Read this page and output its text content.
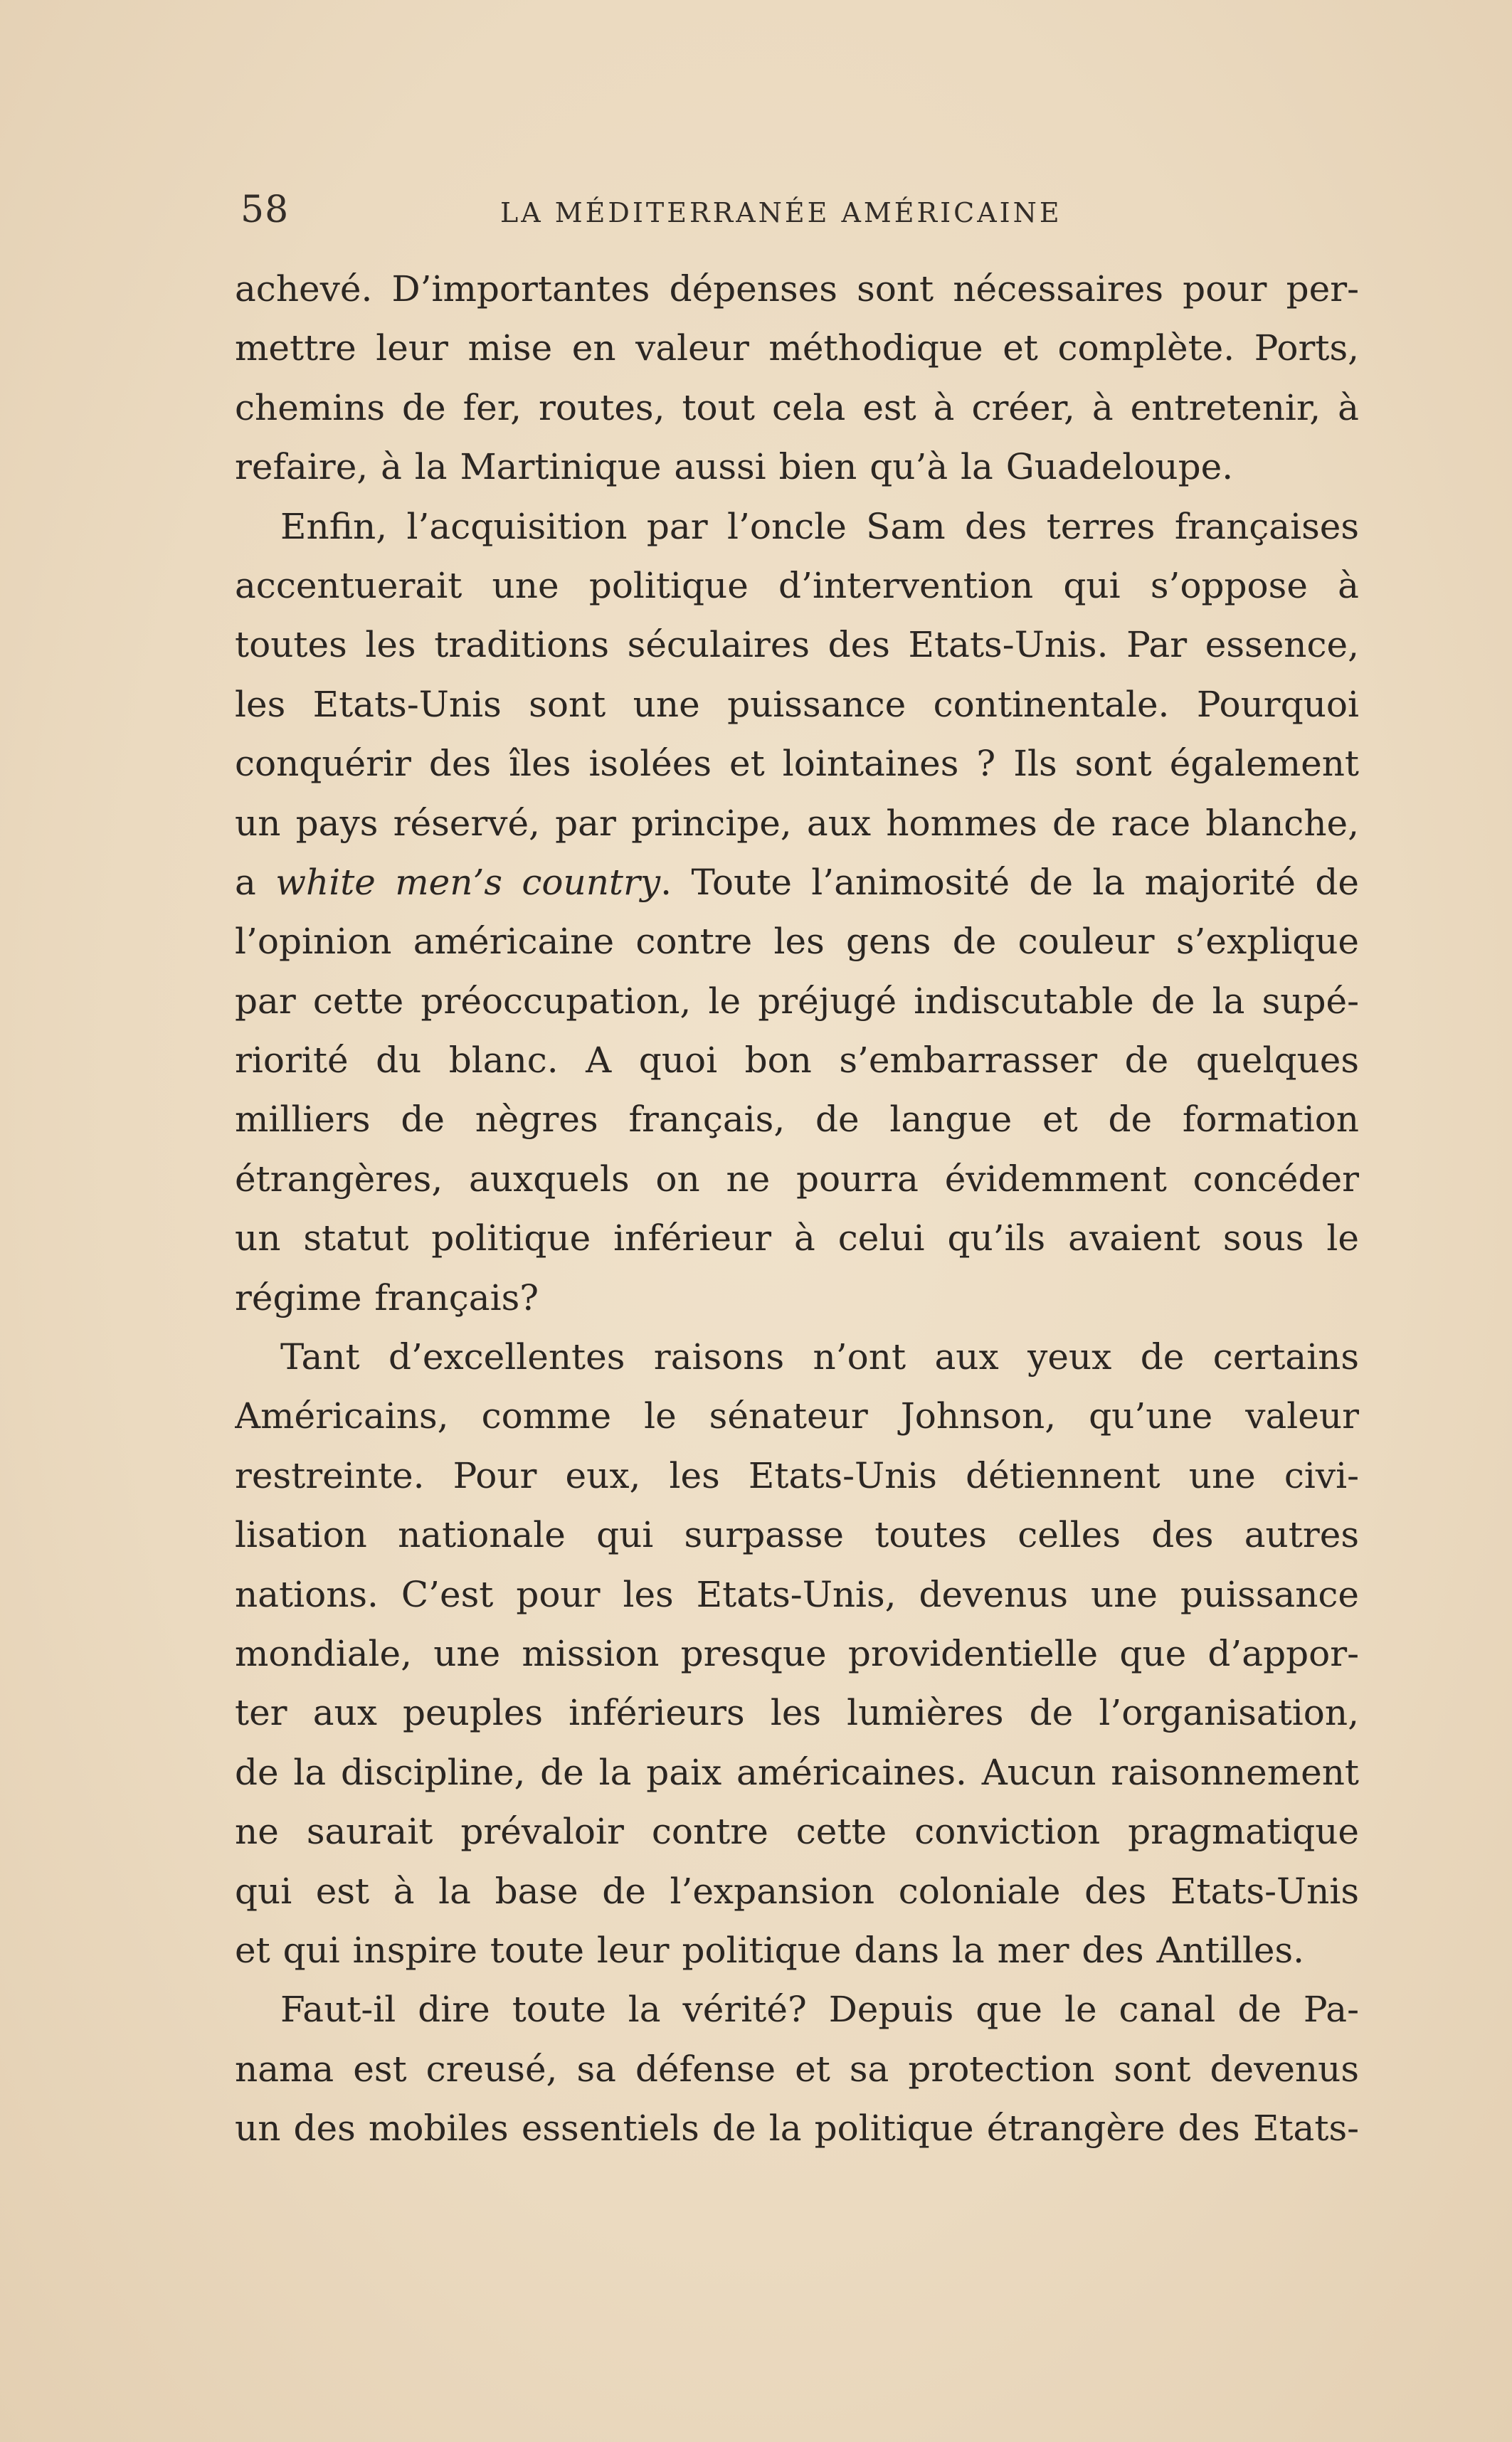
58	LA MÉDITERRANÉE AMÉRICAINE
achevé. D’importantes dépenses sont nécessaires pour per-
mettre leur mise en valeur méthodique et complète. Ports,
chemins de fer, routes, tout cela est à créer, à entretenir, à
refaire, à la Martinique aussi bien qu’à la Guadeloupe.
Enfin, l’acquisition par l’oncle Sam des terres françaises
accentuerait une politique d’intervention qui s’oppose à
toutes les traditions séculaires des Etats-Unis. Par essence,
les Etats-Unis sont une puissance continentale. Pourquoi
conquérir des îles isolées et lointaines ? Ils sont également
un pays réservé, par principe, aux hommes de race blanche,
a white men’s country. Toute l’animosité de la majorité de
l’opinion américaine contre les gens de couleur s’explique
par cette préoccupation, le préjugé indiscutable de la supé-
riorité du blanc. A quoi bon s’embarrasser de quelques
milliers de nègres français, de langue et de formation
étrangères, auxquels on ne pourra évidemment concéder
un statut politique inférieur à celui qu’ils avaient sous le
régime français?
Tant d’excellentes raisons n’ont aux yeux de certains
Américains, comme le sénateur Johnson, qu’une valeur
restreinte. Pour eux, les Etats-Unis détiennent une civi-
lisation nationale qui surpasse toutes celles des autres
nations. C’est pour les Etats-Unis, devenus une puissance
mondiale, une mission presque providentielle que d’appor-
ter aux peuples inférieurs les lumières de l’organisation,
de la discipline, de la paix américaines. Aucun raisonnement
ne saurait prévaloir contre cette conviction pragmatique
qui est à la base de l’expansion coloniale des Etats-Unis
et qui inspire toute leur politique dans la mer des Antilles.
Faut-il dire toute la vérité? Depuis que le canal de Pa-
nama est creusé, sa défense et sa protection sont devenus
un des mobiles essentiels de la politique étrangère des Etats-
